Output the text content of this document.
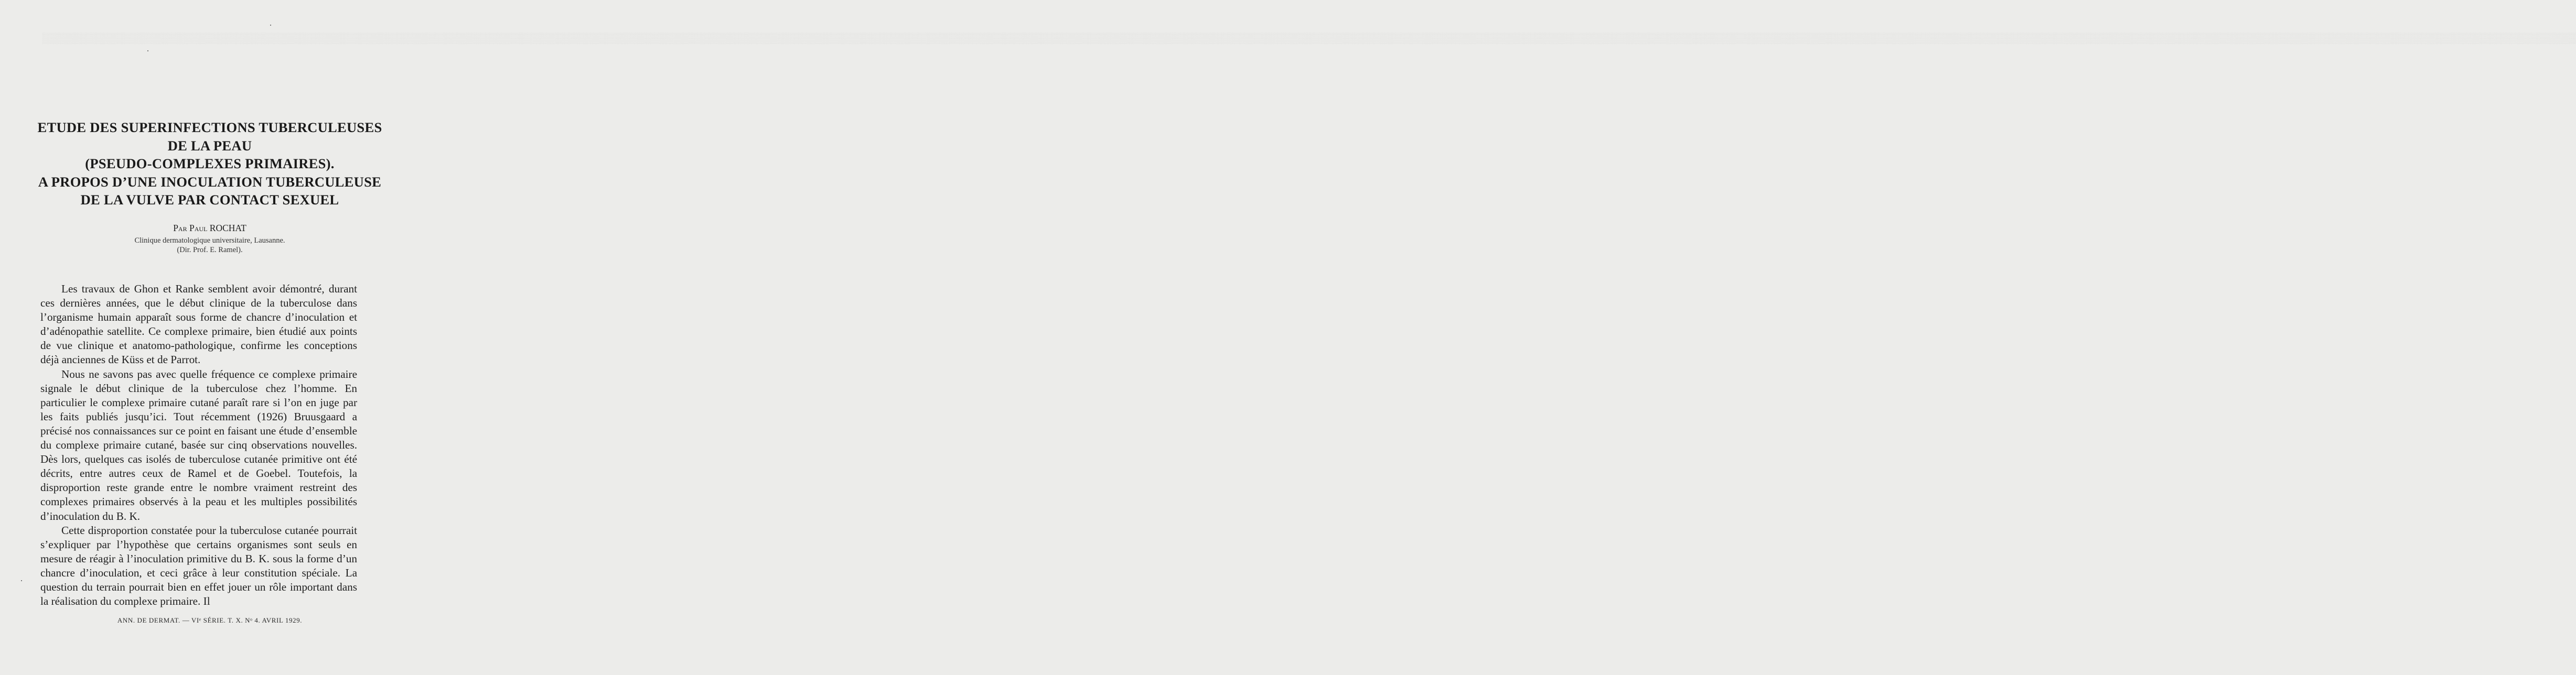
▒▒▒▒▒▒▒▒▒▒▒▒▒▒▒▒▒▒▒▒▒▒▒▒▒▒▒▒▒▒▒▒▒▒▒▒▒▒▒▒▒▒▒▒▒▒▒▒▒▒▒▒▒▒▒▒▒▒▒▒▒▒▒▒▒▒▒▒▒▒▒▒▒▒▒▒▒▒▒▒▒▒▒▒▒▒▒▒▒▒▒▒▒▒▒▒▒▒▒▒▒▒▒▒▒▒▒▒▒▒▒▒▒▒▒▒▒▒▒▒▒▒▒▒▒▒▒▒▒▒▒▒▒▒▒▒▒▒▒▒▒▒▒▒▒▒▒▒▒▒▒▒▒▒▒▒▒▒▒▒▒▒▒▒▒▒▒▒▒▒▒▒▒▒▒▒▒▒▒▒▒▒▒▒▒▒▒▒▒▒▒▒▒▒▒▒▒▒▒▒▒▒▒▒▒▒▒▒▒▒▒▒▒▒▒▒▒▒▒▒▒▒▒▒▒▒▒▒▒▒▒▒▒▒▒▒▒▒▒▒▒▒▒▒▒▒▒▒▒▒▒▒▒▒▒▒▒▒▒▒▒▒▒▒▒▒▒▒▒▒▒▒▒▒▒▒▒▒▒▒▒▒▒▒▒▒▒▒▒▒▒▒▒▒▒▒▒▒▒▒▒▒▒▒▒▒▒▒▒▒▒▒▒▒▒▒▒▒▒▒▒▒▒▒▒▒▒▒▒▒▒▒▒▒▒▒▒▒▒▒▒
ETUDE DES SUPERINFECTIONS TUBERCULEUSES
DE LA PEAU
(PSEUDO-COMPLEXES PRIMAIRES).
A PROPOS D’UNE INOCULATION TUBERCULEUSE
DE LA VULVE PAR CONTACT SEXUEL
Par Paul ROCHAT
Clinique dermatologique universitaire, Lausanne.
(Dir. Prof. E. Ramel).

Les travaux de Ghon et Ranke semblent avoir démontré, durant ces dernières années, que le début clinique de la tuberculose dans l’organisme humain apparaît sous forme de chancre d’inoculation et d’adénopathie satellite. Ce complexe primaire, bien étudié aux points de vue clinique et anatomo-pathologique, confirme les conceptions déjà anciennes de Küss et de Parrot.

Nous ne savons pas avec quelle fréquence ce complexe primaire signale le début clinique de la tuberculose chez l’homme. En particulier le complexe primaire cutané paraît rare si l’on en juge par les faits publiés jusqu’ici. Tout récemment (1926) Bruusgaard a précisé nos connaissances sur ce point en faisant une étude d’ensemble du complexe primaire cutané, basée sur cinq observations nouvelles. Dès lors, quelques cas isolés de tuberculose cutanée primitive ont été décrits, entre autres ceux de Ramel et de Goebel. Toutefois, la disproportion reste grande entre le nombre vraiment restreint des complexes primaires observés à la peau et les multiples possibilités d’inoculation du B. K.

Cette disproportion constatée pour la tuberculose cutanée pourrait s’expliquer par l’hypothèse que certains organismes sont seuls en mesure de réagir à l’inoculation primitive du B. K. sous la forme d’un chancre d’inoculation, et ceci grâce à leur constitution spéciale. La question du terrain pourrait bien en effet jouer un rôle important dans la réalisation du complexe primaire. Il

ANN. DE DERMAT. — VIᵉ SÉRIE. T. X. Nᵒ 4. AVRIL 1929.
